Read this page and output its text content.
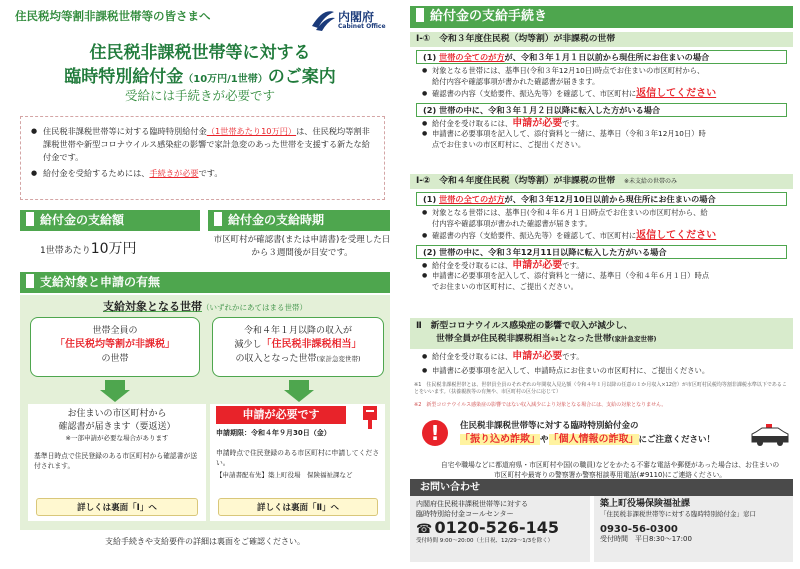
住民税均等割非課税世帯等の皆さまへ	内閣府
Cabinet Office
住民税非課税世帯等に対する
臨時特別給付金（10万円/1世帯）のご案内
受給には手続きが必要です
● 住民税非課税世帯等に対する臨時特別給付金（1世帯あたり10万円）は、住民税均等割非課税世帯や新型コロナウイルス感染症の影響で家計急変のあった世帯を支援する新たな給付金です。
● 給付金を受給するためには、手続きが必要です。
給付金の支給額	給付金の支給時期
1世帯あたり10万円
市区町村が確認書(または申請書)を受理した日から３週間後が目安です。
支給対象と申請の有無
支給対象となる世帯（いずれかにあてはまる世帯）
世帯全員の
「住民税均等割が非課税」
の世帯
令和４年１月以降の収入が
減少し「住民税非課税相当」
の収入となった世帯(家計急変世帯)
お住まいの市区町村から
確認書が届きます（要返送）
※一部申請が必要な場合があります
基準日時点で住民登録のある市区町村から確認書が送付されます。
詳しくは裏面「Ⅰ」へ
申請が必要です
申請期限：令和４年９月30日（金）
申請時点で住民登録のある市区町村に申請してください。
【申請書配布先】築上町役場　保険福祉課など
詳しくは裏面「Ⅱ」へ
支給手続きや支給要件の詳細は裏面をご確認ください。
給付金の支給手続き
Ⅰ-①　 令和３年度住民税（均等割）が非課税の世帯
(1) 世帯の全てのが方が、令和３年１月１日以前から現住所にお住まいの場合
● 対象となる世帯には、基準日(令和３年12月10日)時点でお住まいの市区町村から、給付内容や確認事項が書かれた確認書が届きます。
● 確認書の内容（支給要件、振込先等）を確認して、市区町村に返信してください
(2) 世帯の中に、令和３年１月２日以降に転入した方がいる場合
● 給付金を受け取るには、申請が必要です。
● 申請書に必要事項を記入して、添付資料と一緒に、基準日（令和３年12月10日）時点でお住まいの市区町村に、ご提出ください。
Ⅰ-②　 令和４年度住民税（均等割）が非課税の世帯　 ※未支給の世帯のみ
(1) 世帯の全てのが方が、令和３年12月10日以前から現住所にお住まいの場合
● 対象となる世帯には、基準日(令和４年６月１日)時点でお住まいの市区町村から、給付内容や確認事項が書かれた確認書が届きます。
● 確認書の内容（支給要件、振込先等）を確認して、市区町村に返信してください
(2) 世帯の中に、令和３年12月11日以降に転入した方がいる場合
● 給付金を受け取るには、申請が必要です。
● 申請書に必要事項を記入して、添付資料と一緒に、基準日（令和４年６月１日）時点でお住まいの市区町村に、ご提出ください。
Ⅱ　 新型コロナウイルス感染症の影響で収入が減少し、
世帯全員が住民税非課税相当※1となった世帯(家計急変世帯)
● 給付金を受け取るには、申請が必要です。
● 申請書に必要事項を記入して、申請時点にお住まいの市区町村に、ご提出ください。
※1　住民税非課税世帯とは、世帯員全員のそれぞれの年間収入見込額（令和４年１月以降の任意の１か月収入×12倍）が市区町村民税均等割非課税水準以下であることをいいます。（扶養親族等の有無や、市区町村の区分に応じて）
※2　新型コロナウイルス感染症の影響ではない収入減少により対象となる場合には、支給の対象となりません。
!	住民税非課税世帯等に対する臨時特別給付金の
「振り込め詐欺」や「個人情報の詐取」にご注意ください！
自宅や職場などに都道府県・市区町村や国(の職員)などをかたる不審な電話や郵便があった場合は、お住まいの市区町村や最寄りの警察署か警察相談専用電話(#9110)にご連絡ください。
お問い合わせ
内閣府住民税非課税世帯等に対する
臨時特別給付金コールセンター
☎ 0120-526-145
受付時間 9:00～20:00（土日祝、12/29～1/3を除く）
築上町役場保険福祉課
「住民税非課税世帯等に対する臨時特別給付金」窓口
0930-56-0300
受付時間　平日8:30～17:00
